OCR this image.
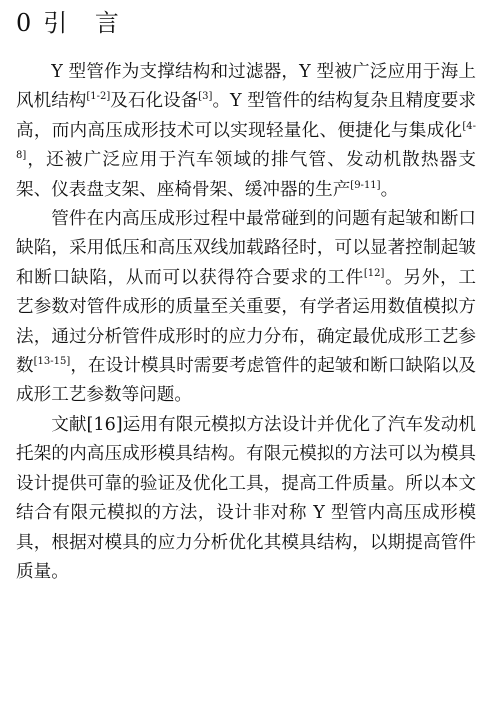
0 引 言

Y 型管作为支撑结构和过滤器，Y 型被广泛应用于海上风机结构[1-2]及石化设备[3]。Y 型管件的结构复杂且精度要求高，而内高压成形技术可以实现轻量化、便捷化与集成化[4-8]，还被广泛应用于汽车领域的排气管、发动机散热器支架、仪表盘支架、座椅骨架、缓冲器的生产[9-11]。

管件在内高压成形过程中最常碰到的问题有起皱和断口缺陷，采用低压和高压双线加载路径时，可以显著控制起皱和断口缺陷，从而可以获得符合要求的工件[12]。另外，工艺参数对管件成形的质量至关重要，有学者运用数值模拟方法，通过分析管件成形时的应力分布，确定最优成形工艺参数[13-15]，在设计模具时需要考虑管件的起皱和断口缺陷以及成形工艺参数等问题。

文献[16]运用有限元模拟方法设计并优化了汽车发动机托架的内高压成形模具结构。有限元模拟的方法可以为模具设计提供可靠的验证及优化工具，提高工件质量。所以本文结合有限元模拟的方法，设计非对称 Y 型管内高压成形模具，根据对模具的应力分析优化其模具结构，以期提高管件质量。
